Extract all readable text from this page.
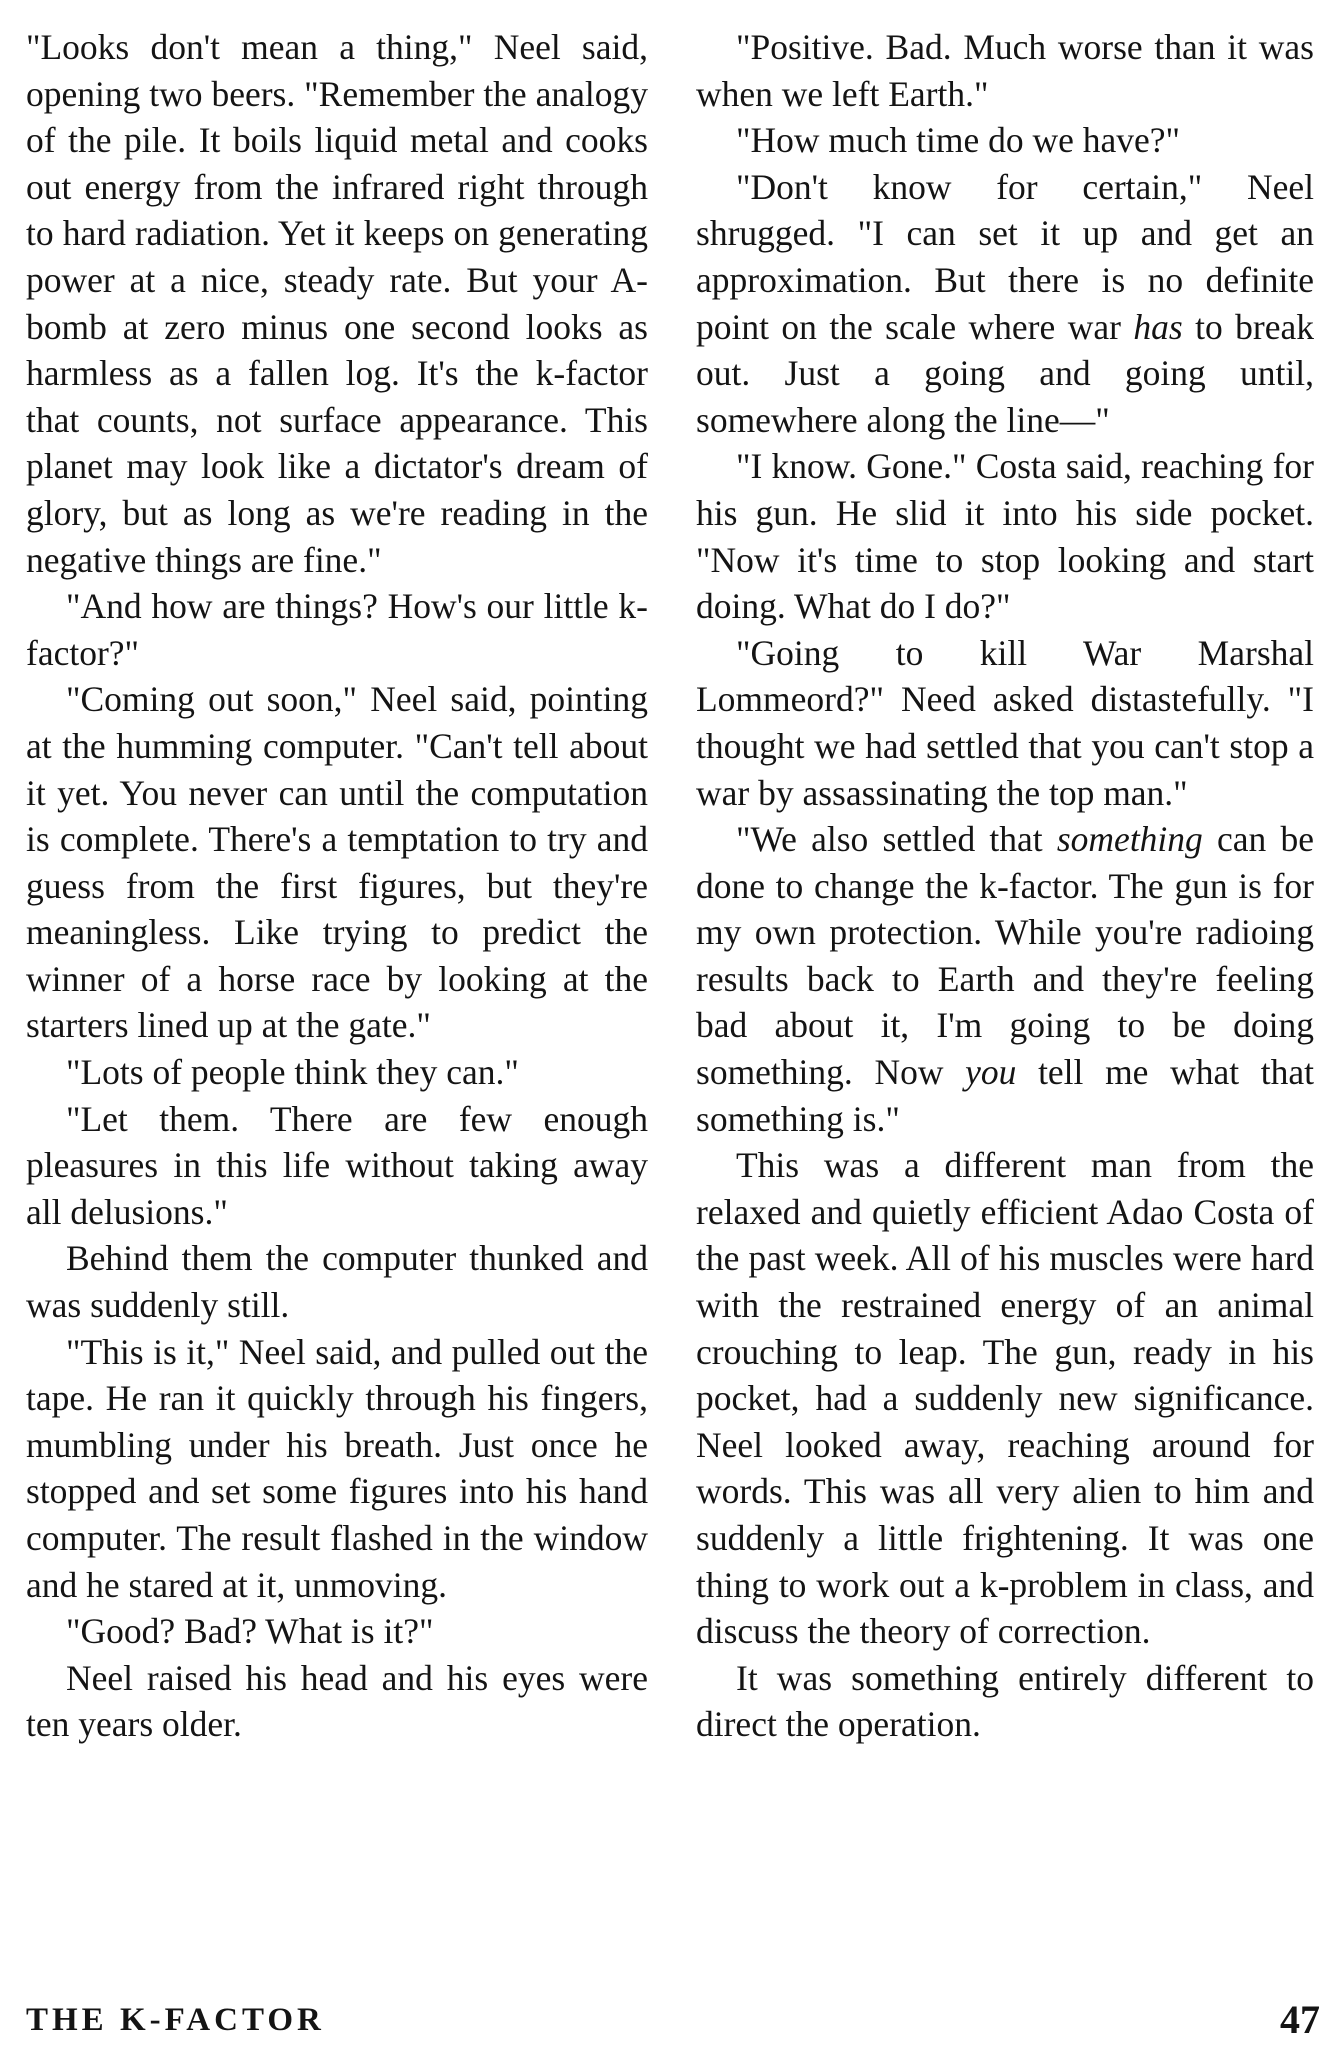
"Looks don't mean a thing," Neel said, opening two beers. "Remember the analogy of the pile. It boils liquid metal and cooks out energy from the infrared right through to hard radiation. Yet it keeps on generating power at a nice, steady rate. But your A-bomb at zero minus one second looks as harmless as a fallen log. It's the k-factor that counts, not surface appearance. This planet may look like a dictator's dream of glory, but as long as we're reading in the negative things are fine."

"And how are things? How's our little k-factor?"

"Coming out soon," Neel said, pointing at the humming computer. "Can't tell about it yet. You never can until the computation is complete. There's a temptation to try and guess from the first figures, but they're meaningless. Like trying to predict the winner of a horse race by looking at the starters lined up at the gate."

"Lots of people think they can."

"Let them. There are few enough pleasures in this life without taking away all delusions."

Behind them the computer thunked and was suddenly still.

"This is it," Neel said, and pulled out the tape. He ran it quickly through his fingers, mumbling under his breath. Just once he stopped and set some figures into his hand computer. The result flashed in the window and he stared at it, unmoving.

"Good? Bad? What is it?"

Neel raised his head and his eyes were ten years older.

"Positive. Bad. Much worse than it was when we left Earth."

"How much time do we have?"

"Don't know for certain," Neel shrugged. "I can set it up and get an approximation. But there is no definite point on the scale where war has to break out. Just a going and going until, somewhere along the line—"

"I know. Gone." Costa said, reaching for his gun. He slid it into his side pocket. "Now it's time to stop looking and start doing. What do I do?"

"Going to kill War Marshal Lommeord?" Need asked distastefully. "I thought we had settled that you can't stop a war by assassinating the top man."

"We also settled that something can be done to change the k-factor. The gun is for my own protection. While you're radioing results back to Earth and they're feeling bad about it, I'm going to be doing something. Now you tell me what that something is."

This was a different man from the relaxed and quietly efficient Adao Costa of the past week. All of his muscles were hard with the restrained energy of an animal crouching to leap. The gun, ready in his pocket, had a suddenly new significance. Neel looked away, reaching around for words. This was all very alien to him and suddenly a little frightening. It was one thing to work out a k-problem in class, and discuss the theory of correction.

It was something entirely different to direct the operation.

THE K-FACTOR	47
